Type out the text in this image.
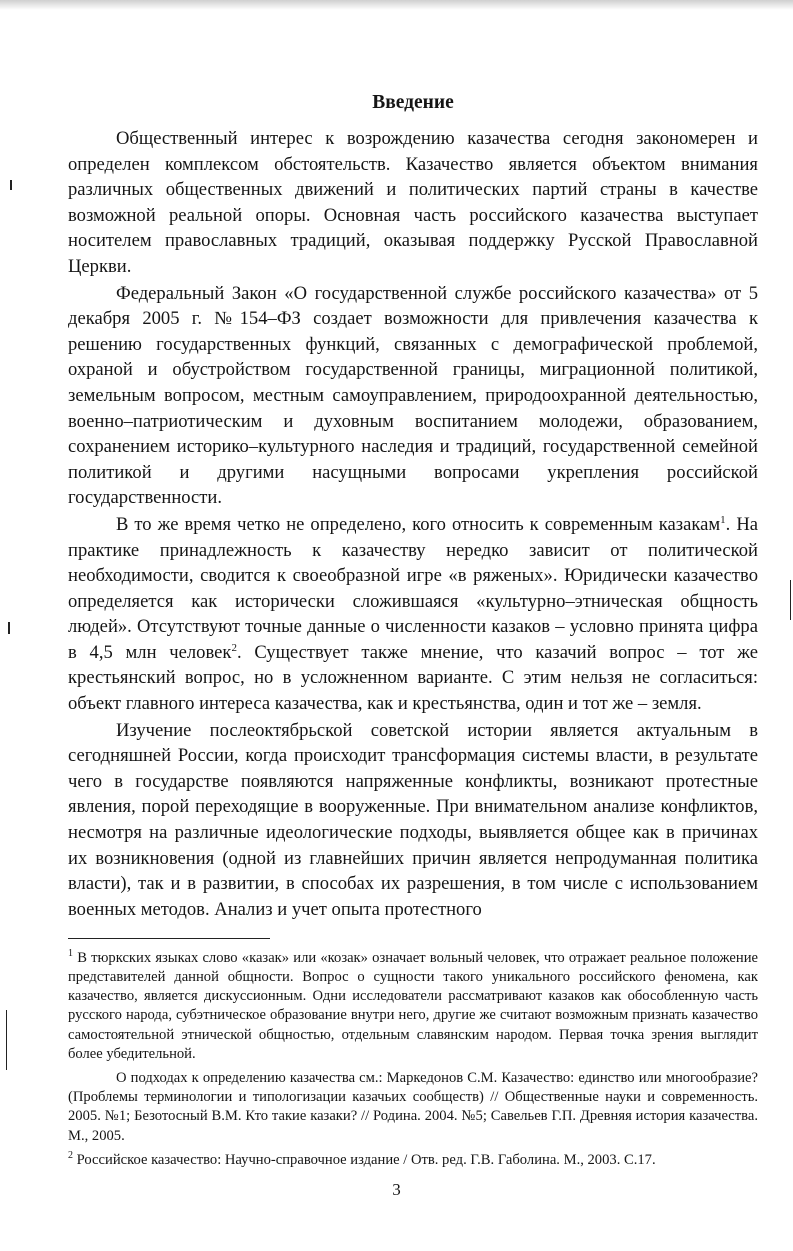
Введение

Общественный интерес к возрождению казачества сегодня закономерен и определен комплексом обстоятельств. Казачество является объектом внимания различных общественных движений и политических партий страны в качестве возможной реальной опоры. Основная часть российского казачества выступает носителем православных традиций, оказывая поддержку Русской Православной Церкви.

Федеральный Закон «О государственной службе российского казачества» от 5 декабря 2005 г. №154–ФЗ создает возможности для привлечения казачества к решению государственных функций, связанных с демографической проблемой, охраной и обустройством государственной границы, миграционной политикой, земельным вопросом, местным самоуправлением, природоохранной деятельностью, военно–патриотическим и духовным воспитанием молодежи, образованием, сохранением историко–культурного наследия и традиций, государственной семейной политикой и другими насущными вопросами укрепления российской государственности.

В то же время четко не определено, кого относить к современным казакам$^1$. На практике принадлежность к казачеству нередко зависит от политической необходимости, сводится к своеобразной игре «в ряженых». Юридически казачество определяется как исторически сложившаяся «культурно–этническая общность людей». Отсутствуют точные данные о численности казаков – условно принята цифра в 4,5 млн человек$^2$. Существует также мнение, что казачий вопрос – тот же крестьянский вопрос, но в усложненном варианте. С этим нельзя не согласиться: объект главного интереса казачества, как и крестьянства, один и тот же – земля.

Изучение послеоктябрьской советской истории является актуальным в сегодняшней России, когда происходит трансформация системы власти, в результате чего в государстве появляются напряженные конфликты, возникают протестные явления, порой переходящие в вооруженные. При внимательном анализе конфликтов, несмотря на различные идеологические подходы, выявляется общее как в причинах их возникновения (одной из главнейших причин является непродуманная политика власти), так и в развитии, в способах их разрешения, в том числе с использованием военных методов. Анализ и учет опыта протестного

$^1$ В тюркских языках слово «казак» или «козак» означает вольный человек, что отражает реальное положение представителей данной общности. Вопрос о сущности такого уникального российского феномена, как казачество, является дискуссионным. Одни исследователи рассматривают казаков как обособленную часть русского народа, субэтническое образование внутри него, другие же считают возможным признать казачество самостоятельной этнической общностью, отдельным славянским народом. Первая точка зрения выглядит более убедительной.

О подходах к определению казачества см.: Маркедонов С.М. Казачество: единство или многообразие? (Проблемы терминологии и типологизации казачьих сообществ) // Общественные науки и современность. 2005. №1; Безотосный В.М. Кто такие казаки? // Родина. 2004. №5; Савельев Г.П. Древняя история казачества. М., 2005.

$^2$ Российское казачество: Научно-справочное издание / Отв. ред. Г.В. Габолина. М., 2003. С.17.

3
